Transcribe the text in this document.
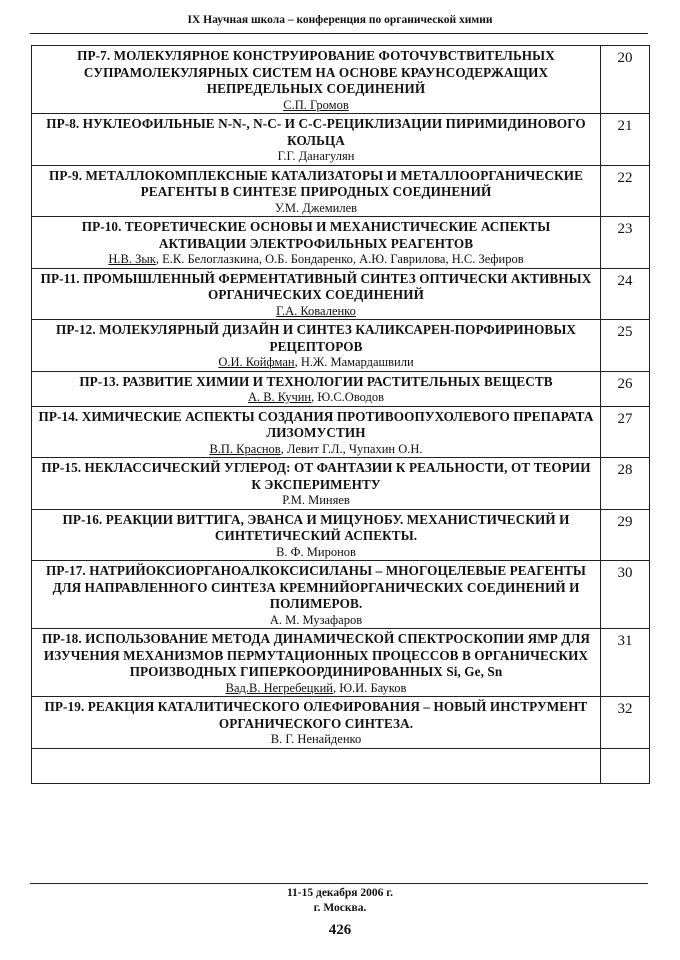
IX Научная школа – конференция по органической химии
ПР-7. МОЛЕКУЛЯРНОЕ КОНСТРУИРОВАНИЕ ФОТОЧУВСТВИТЕЛЬНЫХ СУПРАМОЛЕКУЛЯРНЫХ СИСТЕМ НА ОСНОВЕ КРАУНСОДЕРЖАЩИХ НЕПРЕДЕЛЬНЫХ СОЕДИНЕНИЙ
С.П. Громов	20

ПР-8. НУКЛЕОФИЛЬНЫЕ N-N-, N-C- И C-C-РЕЦИКЛИЗАЦИИ ПИРИМИДИНОВОГО КОЛЬЦА
Г.Г. Данагулян	21

ПР-9. МЕТАЛЛОКОМПЛЕКСНЫЕ КАТАЛИЗАТОРЫ И МЕТАЛЛООРГАНИЧЕСКИЕ РЕАГЕНТЫ В СИНТЕЗЕ ПРИРОДНЫХ СОЕДИНЕНИЙ
У.М. Джемилев	22

ПР-10. ТЕОРЕТИЧЕСКИЕ ОСНОВЫ И МЕХАНИСТИЧЕСКИЕ АСПЕКТЫ АКТИВАЦИИ ЭЛЕКТРОФИЛЬНЫХ РЕАГЕНТОВ
Н.В. Зык, Е.К. Белоглазкина, О.Б. Бондаренко, А.Ю. Гаврилова, Н.С. Зефиров	23

ПР-11. ПРОМЫШЛЕННЫЙ ФЕРМЕНТАТИВНЫЙ СИНТЕЗ ОПТИЧЕСКИ АКТИВНЫХ ОРГАНИЧЕСКИХ СОЕДИНЕНИЙ
Г.А. Коваленко	24

ПР-12. МОЛЕКУЛЯРНЫЙ ДИЗАЙН И СИНТЕЗ КАЛИКСАРЕН-ПОРФИРИНОВЫХ РЕЦЕПТОРОВ
О.И. Койфман, Н.Ж. Мамардашвили	25

ПР-13. РАЗВИТИЕ ХИМИИ И ТЕХНОЛОГИИ РАСТИТЕЛЬНЫХ ВЕЩЕСТВ
А. В. Кучин, Ю.С.Оводов	26

ПР-14. ХИМИЧЕСКИЕ АСПЕКТЫ СОЗДАНИЯ ПРОТИВООПУХОЛЕВОГО ПРЕПАРАТА ЛИЗОМУСТИН
В.П. Краснов, Левит Г.Л., Чупахин О.Н.	27

ПР-15. НЕКЛАССИЧЕСКИЙ УГЛЕРОД: ОТ ФАНТАЗИИ К РЕАЛЬНОСТИ, ОТ ТЕОРИИ К ЭКСПЕРИМЕНТУ
Р.М. Миняев	28

ПР-16. РЕАКЦИИ ВИТТИГА, ЭВАНСА И МИЦУНОБУ. МЕХАНИСТИЧЕСКИЙ И СИНТЕТИЧЕСКИЙ АСПЕКТЫ.
В. Ф. Миронов	29

ПР-17. НАТРИЙОКСИОРГАНОАЛКОКСИСИЛАНЫ – МНОГОЦЕЛЕВЫЕ РЕАГЕНТЫ ДЛЯ НАПРАВЛЕННОГО СИНТЕЗА КРЕМНИЙОРГАНИЧЕСКИХ СОЕДИНЕНИЙ И ПОЛИМЕРОВ.
А. М. Музафаров	30

ПР-18. ИСПОЛЬЗОВАНИЕ МЕТОДА ДИНАМИЧЕСКОЙ СПЕКТРОСКОПИИ ЯМР ДЛЯ ИЗУЧЕНИЯ МЕХАНИЗМОВ ПЕРМУТАЦИОННЫХ ПРОЦЕССОВ В ОРГАНИЧЕСКИХ ПРОИЗВОДНЫХ ГИПЕРКООРДИНИРОВАННЫХ Si, Ge, Sn
Вад.В. Негребецкий, Ю.И. Бауков	31

ПР-19. РЕАКЦИЯ КАТАЛИТИЧЕСКОГО ОЛЕФИРОВАНИЯ – НОВЫЙ ИНСТРУМЕНТ ОРГАНИЧЕСКОГО СИНТЕЗА.
В. Г. Ненайденко	32

11-15 декабря 2006 г.
г. Москва.
426
